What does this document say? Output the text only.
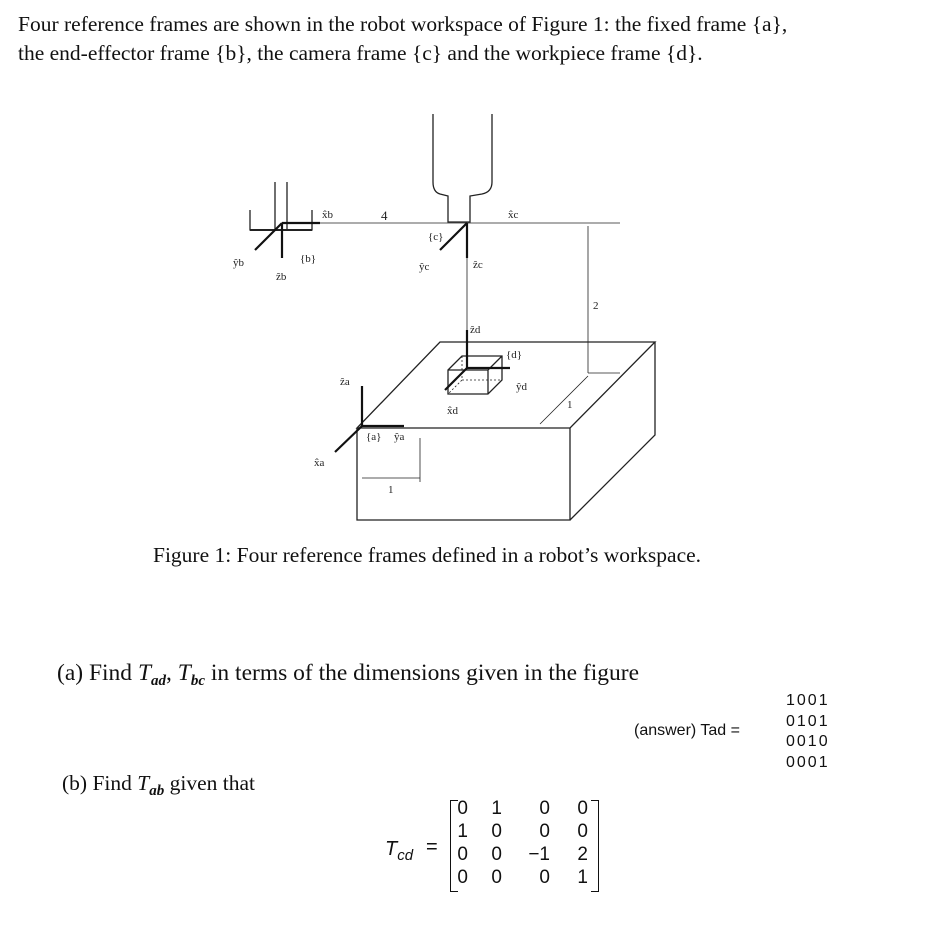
Four reference frames are shown in the robot workspace of Figure 1: the fixed frame {a},

the end-effector frame {b}, the camera frame {c} and the workpiece frame {d}.

x̂b
ŷb
ẑb
{b}
4
{c}
x̂c
ŷc	ẑc
2
ẑd
{d}
ŷd
x̂d	1
ẑa
x̂a
{a} ŷa
1
Figure 1: Four reference frames defined in a robot’s workspace.
(a) Find $T_{ad}$, $T_{bc}$ in terms of the dimensions given in the figure
(answer) Tad =
1001
0101
0010
0001
(b) Find $T_{ab}$ given that
$T_{cd}$ =
0	1	0	0
1	0	0	0
0	0	−1	2
0	0	0	1
